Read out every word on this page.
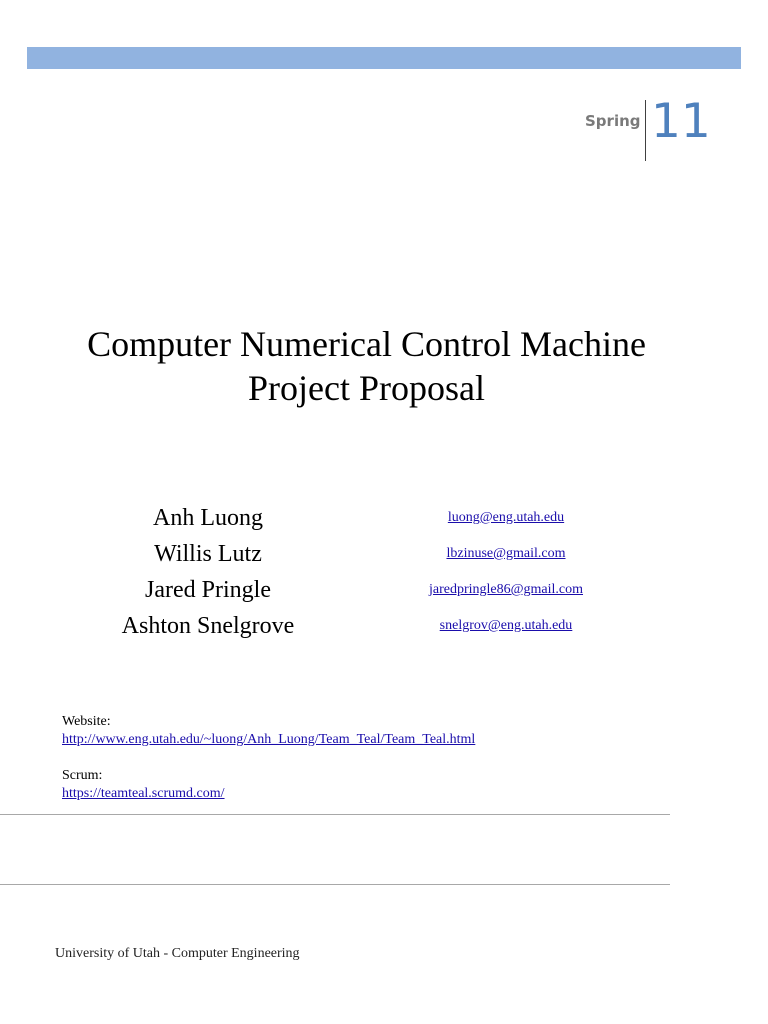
Spring 11
Computer Numerical Control Machine
Project Proposal
Anh Luong	luong@eng.utah.edu
Willis Lutz	lbzinuse@gmail.com
Jared Pringle	jaredpringle86@gmail.com
Ashton Snelgrove	snelgrov@eng.utah.edu
Website:
http://www.eng.utah.edu/~luong/Anh_Luong/Team_Teal/Team_Teal.html
Scrum:
https://teamteal.scrumd.com/
University of Utah - Computer Engineering
